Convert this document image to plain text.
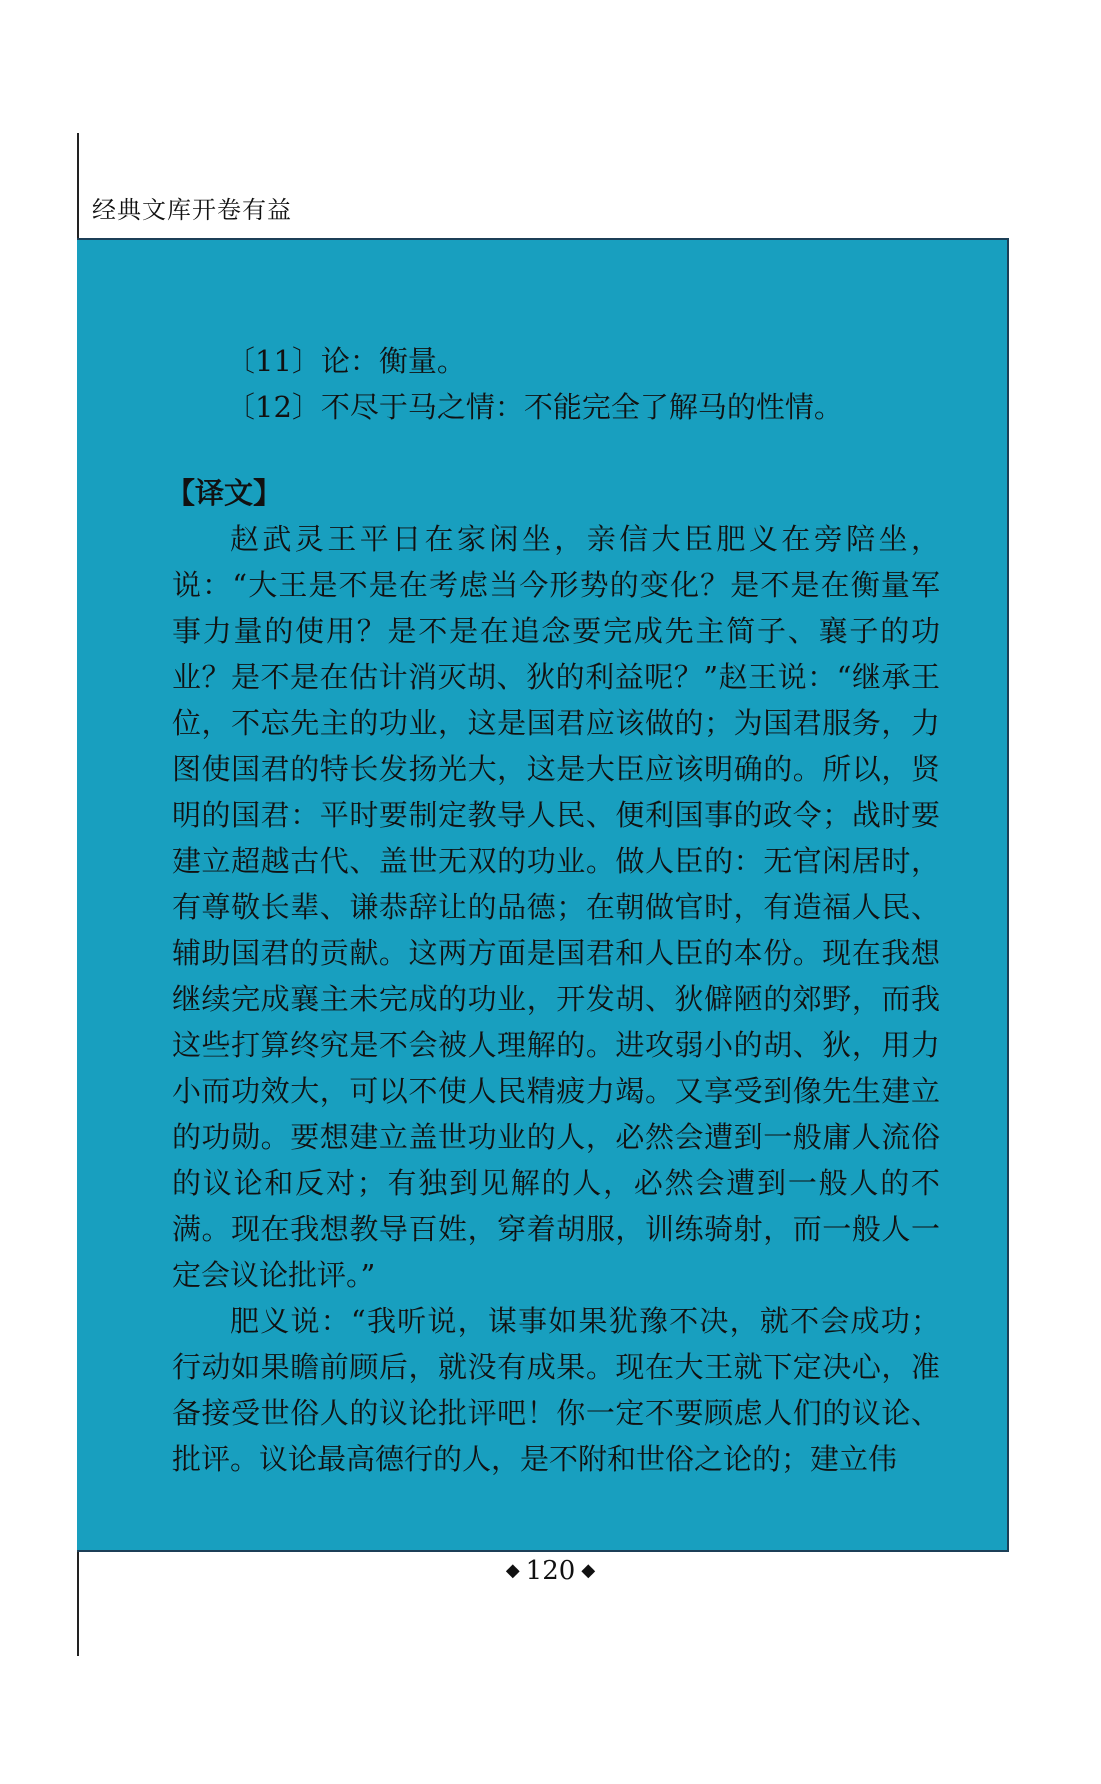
经典文库开卷有益
〔11〕论：衡量。
〔12〕不尽于马之情：不能完全了解马的性情。
【译文】

赵武灵王平日在家闲坐，亲信大臣肥义在旁陪坐，说：“大王是不是在考虑当今形势的变化？是不是在衡量军事力量的使用？是不是在追念要完成先主简子、襄子的功业？是不是在估计消灭胡、狄的利益呢？”赵王说：“继承王位，不忘先主的功业，这是国君应该做的；为国君服务，力图使国君的特长发扬光大，这是大臣应该明确的。所以，贤明的国君：平时要制定教导人民、便利国事的政令；战时要建立超越古代、盖世无双的功业。做人臣的：无官闲居时，有尊敬长辈、谦恭辞让的品德；在朝做官时，有造福人民、辅助国君的贡献。这两方面是国君和人臣的本份。现在我想继续完成襄主未完成的功业，开发胡、狄僻陋的郊野，而我这些打算终究是不会被人理解的。进攻弱小的胡、狄，用力小而功效大，可以不使人民精疲力竭。又享受到像先生建立的功勋。要想建立盖世功业的人，必然会遭到一般庸人流俗的议论和反对；有独到见解的人，必然会遭到一般人的不满。现在我想教导百姓，穿着胡服，训练骑射，而一般人一定会议论批评。”

肥义说：“我听说，谋事如果犹豫不决，就不会成功；行动如果瞻前顾后，就没有成果。现在大王就下定决心，准备接受世俗人的议论批评吧！你一定不要顾虑人们的议论、批评。议论最高德行的人，是不附和世俗之论的；建立伟

◆ 120 ◆
